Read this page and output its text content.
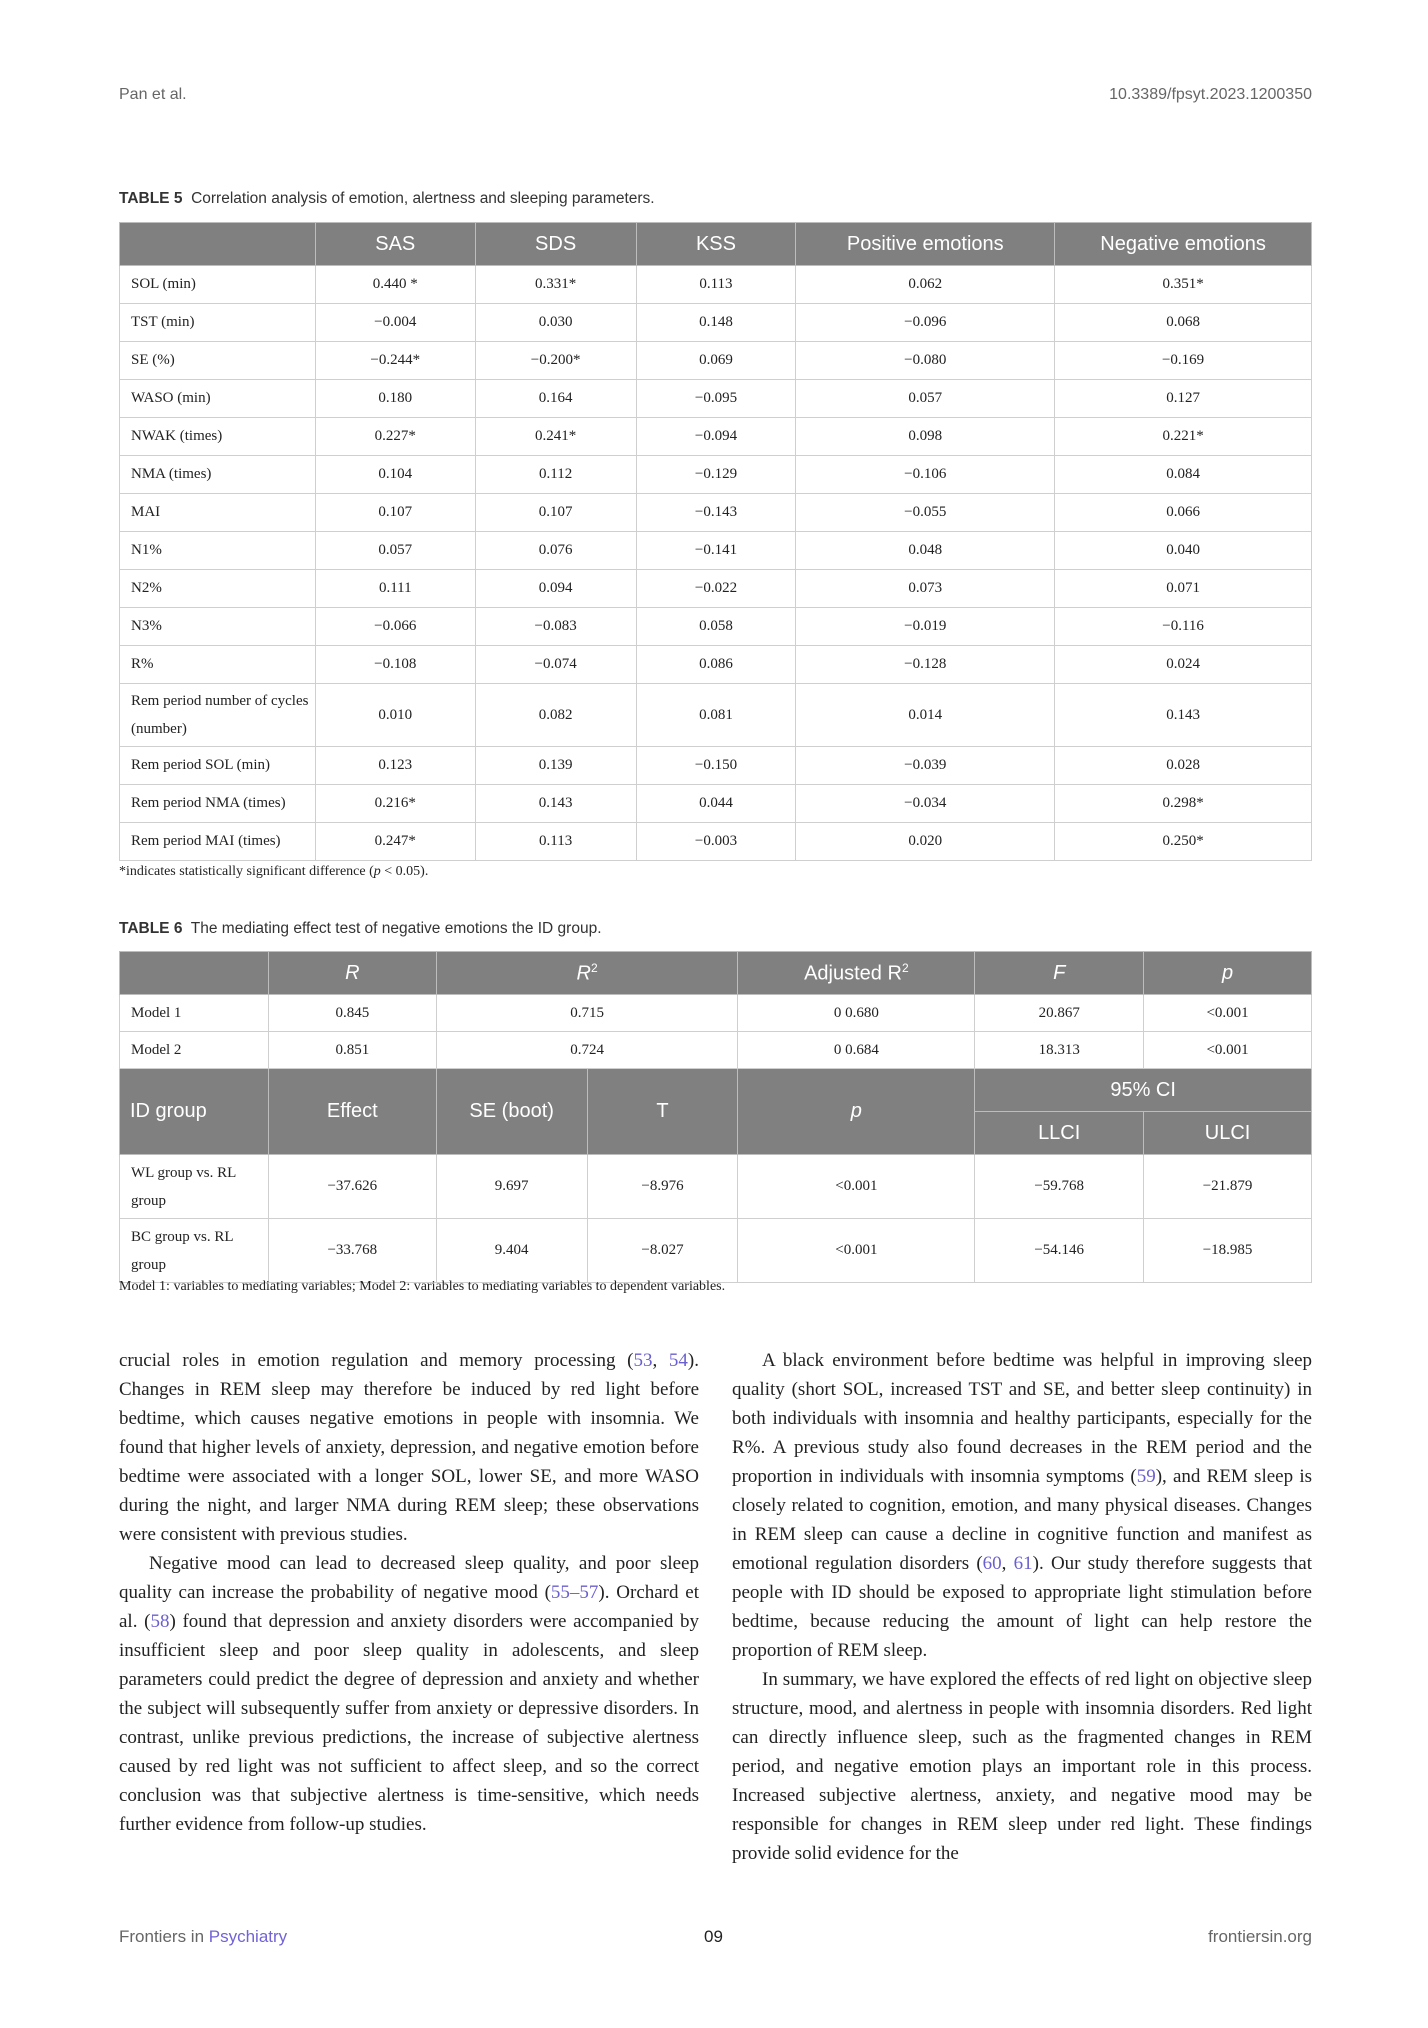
Pan et al.	10.3389/fpsyt.2023.1200350
TABLE 5 Correlation analysis of emotion, alertness and sleeping parameters.
	SAS	SDS	KSS	Positive emotions	Negative emotions
SOL (min)	0.440 *	0.331*	0.113	0.062	0.351*
TST (min)	−0.004	0.030	0.148	−0.096	0.068
SE (%)	−0.244*	−0.200*	0.069	−0.080	−0.169
WASO (min)	0.180	0.164	−0.095	0.057	0.127
NWAK (times)	0.227*	0.241*	−0.094	0.098	0.221*
NMA (times)	0.104	0.112	−0.129	−0.106	0.084
MAI	0.107	0.107	−0.143	−0.055	0.066
N1%	0.057	0.076	−0.141	0.048	0.040
N2%	0.111	0.094	−0.022	0.073	0.071
N3%	−0.066	−0.083	0.058	−0.019	−0.116
R%	−0.108	−0.074	0.086	−0.128	0.024
Rem period number of cycles (number)	0.010	0.082	0.081	0.014	0.143
Rem period SOL (min)	0.123	0.139	−0.150	−0.039	0.028
Rem period NMA (times)	0.216*	0.143	0.044	−0.034	0.298*
Rem period MAI (times)	0.247*	0.113	−0.003	0.020	0.250*
*indicates statistically significant difference (p < 0.05).
TABLE 6 The mediating effect test of negative emotions the ID group.
	R	$R^2$		Adjusted $R^2$	F	p
Model 1	0.845	0.715		0 0.680	20.867	<0.001
Model 2	0.851	0.724		0 0.684	18.313	<0.001
ID group	Effect	SE (boot)	T	p	95% CI	
					LLCI	ULCI
WL group vs. RL group	−37.626	9.697	−8.976	<0.001	−59.768	−21.879
BC group vs. RL group	−33.768	9.404	−8.027	<0.001	−54.146	−18.985
Model 1: variables to mediating variables; Model 2: variables to mediating variables to dependent variables.

crucial roles in emotion regulation and memory processing (53, 54). Changes in REM sleep may therefore be induced by red light before bedtime, which causes negative emotions in people with insomnia. We found that higher levels of anxiety, depression, and negative emotion before bedtime were associated with a longer SOL, lower SE, and more WASO during the night, and larger NMA during REM sleep; these observations were consistent with previous studies.

Negative mood can lead to decreased sleep quality, and poor sleep quality can increase the probability of negative mood (55–57). Orchard et al. (58) found that depression and anxiety disorders were accompanied by insufficient sleep and poor sleep quality in adolescents, and sleep parameters could predict the degree of depression and anxiety and whether the subject will subsequently suffer from anxiety or depressive disorders. In contrast, unlike previous predictions, the increase of subjective alertness caused by red light was not sufficient to affect sleep, and so the correct conclusion was that subjective alertness is time-sensitive, which needs further evidence from follow-up studies.

A black environment before bedtime was helpful in improving sleep quality (short SOL, increased TST and SE, and better sleep continuity) in both individuals with insomnia and healthy participants, especially for the R%. A previous study also found decreases in the REM period and the proportion in individuals with insomnia symptoms (59), and REM sleep is closely related to cognition, emotion, and many physical diseases. Changes in REM sleep can cause a decline in cognitive function and manifest as emotional regulation disorders (60, 61). Our study therefore suggests that people with ID should be exposed to appropriate light stimulation before bedtime, because reducing the amount of light can help restore the proportion of REM sleep.

In summary, we have explored the effects of red light on objective sleep structure, mood, and alertness in people with insomnia disorders. Red light can directly influence sleep, such as the fragmented changes in REM period, and negative emotion plays an important role in this process. Increased subjective alertness, anxiety, and negative mood may be responsible for changes in REM sleep under red light. These findings provide solid evidence for the

Frontiers in Psychiatry	09	frontiersin.org
